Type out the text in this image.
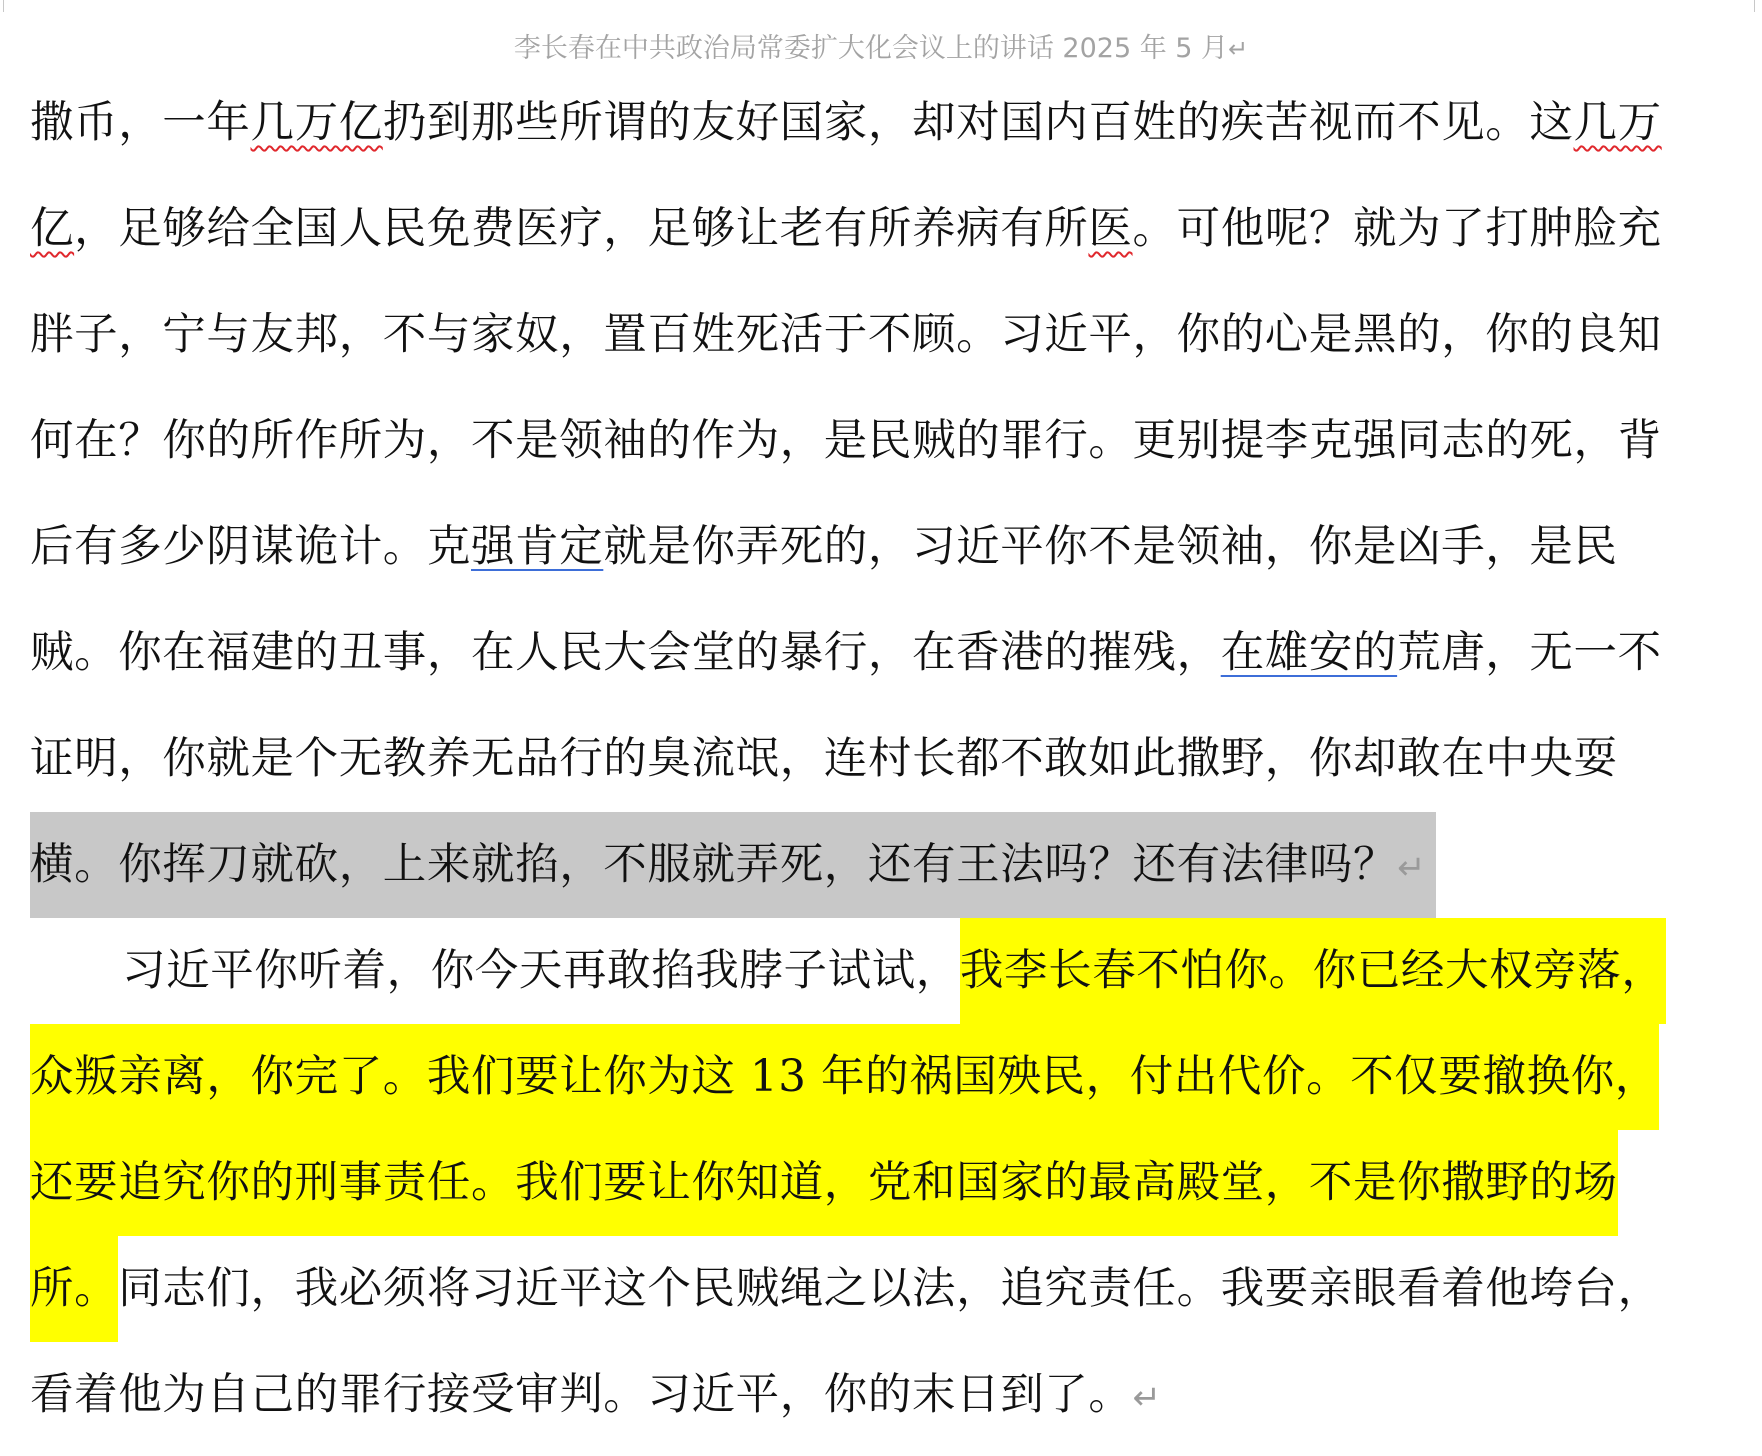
李长春在中共政治局常委扩大化会议上的讲话 2025 年 5 月↵
撒币，一年几万亿扔到那些所谓的友好国家，却对国内百姓的疾苦视而不见。这几万
亿，足够给全国人民免费医疗，足够让老有所养病有所医。可他呢？就为了打肿脸充
胖子，宁与友邦，不与家奴，置百姓死活于不顾。习近平，你的心是黑的，你的良知
何在？你的所作所为，不是领袖的作为，是民贼的罪行。更别提李克强同志的死，背
后有多少阴谋诡计。克强肯定就是你弄死的，习近平你不是领袖，你是凶手，是民
贼。你在福建的丑事，在人民大会堂的暴行，在香港的摧残，在雄安的荒唐，无一不
证明，你就是个无教养无品行的臭流氓，连村长都不敢如此撒野，你却敢在中央耍
横。你挥刀就砍，上来就掐，不服就弄死，还有王法吗？还有法律吗？↵
习近平你听着，你今天再敢掐我脖子试试，我李长春不怕你。你已经大权旁落，
众叛亲离，你完了。我们要让你为这 13 年的祸国殃民，付出代价。不仅要撤换你，
还要追究你的刑事责任。我们要让你知道，党和国家的最高殿堂，不是你撒野的场
所。同志们，我必须将习近平这个民贼绳之以法，追究责任。我要亲眼看着他垮台，
看着他为自己的罪行接受审判。习近平，你的末日到了。↵
